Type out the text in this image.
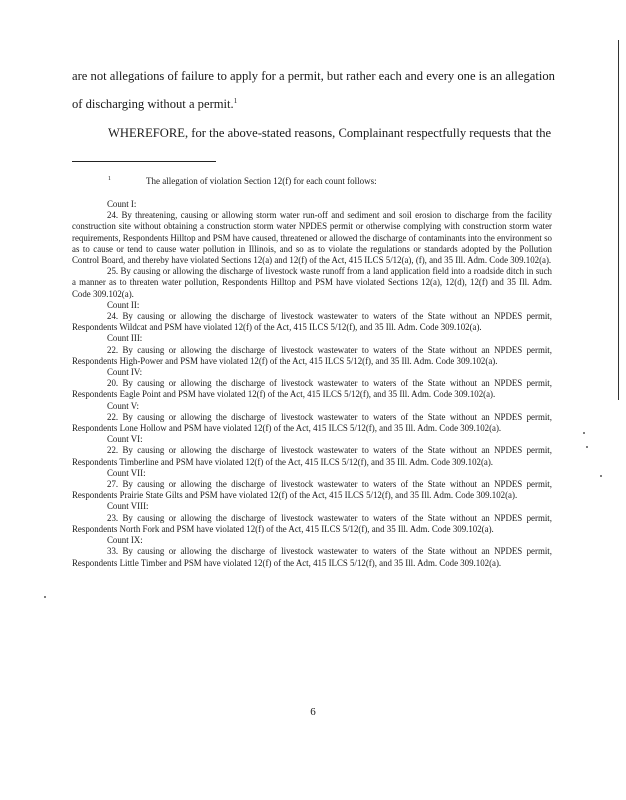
are not allegations of failure to apply for a permit, but rather each and every one is an allegation
of discharging without a permit.$^1$
WHEREFORE, for the above-stated reasons, Complainant respectfully requests that the
$^1$	The allegation of violation Section 12(f) for each count follows:
Count I:
24. By threatening, causing or allowing storm water run-off and sediment and soil erosion to discharge from the facility construction site without obtaining a construction storm water NPDES permit or otherwise complying with construction storm water requirements, Respondents Hilltop and PSM have caused, threatened or allowed the discharge of contaminants into the environment so as to cause or tend to cause water pollution in Illinois, and so as to violate the regulations or standards adopted by the Pollution Control Board, and thereby have violated Sections 12(a) and 12(f) of the Act, 415 ILCS 5/12(a), (f), and 35 Ill. Adm. Code 309.102(a).
25. By causing or allowing the discharge of livestock waste runoff from a land application field into a roadside ditch in such a manner as to threaten water pollution, Respondents Hilltop and PSM have violated Sections 12(a), 12(d), 12(f) and 35 Ill. Adm. Code 309.102(a).
Count II:
24. By causing or allowing the discharge of livestock wastewater to waters of the State without an NPDES permit, Respondents Wildcat and PSM have violated 12(f) of the Act, 415 ILCS 5/12(f), and 35 Ill. Adm. Code 309.102(a).
Count III:
22. By causing or allowing the discharge of livestock wastewater to waters of the State without an NPDES permit, Respondents High-Power and PSM have violated 12(f) of the Act, 415 ILCS 5/12(f), and 35 Ill. Adm. Code 309.102(a).
Count IV:
20. By causing or allowing the discharge of livestock wastewater to waters of the State without an NPDES permit, Respondents Eagle Point and PSM have violated 12(f) of the Act, 415 ILCS 5/12(f), and 35 Ill. Adm. Code 309.102(a).
Count V:
22. By causing or allowing the discharge of livestock wastewater to waters of the State without an NPDES permit, Respondents Lone Hollow and PSM have violated 12(f) of the Act, 415 ILCS 5/12(f), and 35 Ill. Adm. Code 309.102(a).
Count VI:
22. By causing or allowing the discharge of livestock wastewater to waters of the State without an NPDES permit, Respondents Timberline and PSM have violated 12(f) of the Act, 415 ILCS 5/12(f), and 35 Ill. Adm. Code 309.102(a).
Count VII:
27. By causing or allowing the discharge of livestock wastewater to waters of the State without an NPDES permit, Respondents Prairie State Gilts and PSM have violated 12(f) of the Act, 415 ILCS 5/12(f), and 35 Ill. Adm. Code 309.102(a).
Count VIII:
23. By causing or allowing the discharge of livestock wastewater to waters of the State without an NPDES permit, Respondents North Fork and PSM have violated 12(f) of the Act, 415 ILCS 5/12(f), and 35 Ill. Adm. Code 309.102(a).
Count IX:
33. By causing or allowing the discharge of livestock wastewater to waters of the State without an NPDES permit, Respondents Little Timber and PSM have violated 12(f) of the Act, 415 ILCS 5/12(f), and 35 Ill. Adm. Code 309.102(a).
6
